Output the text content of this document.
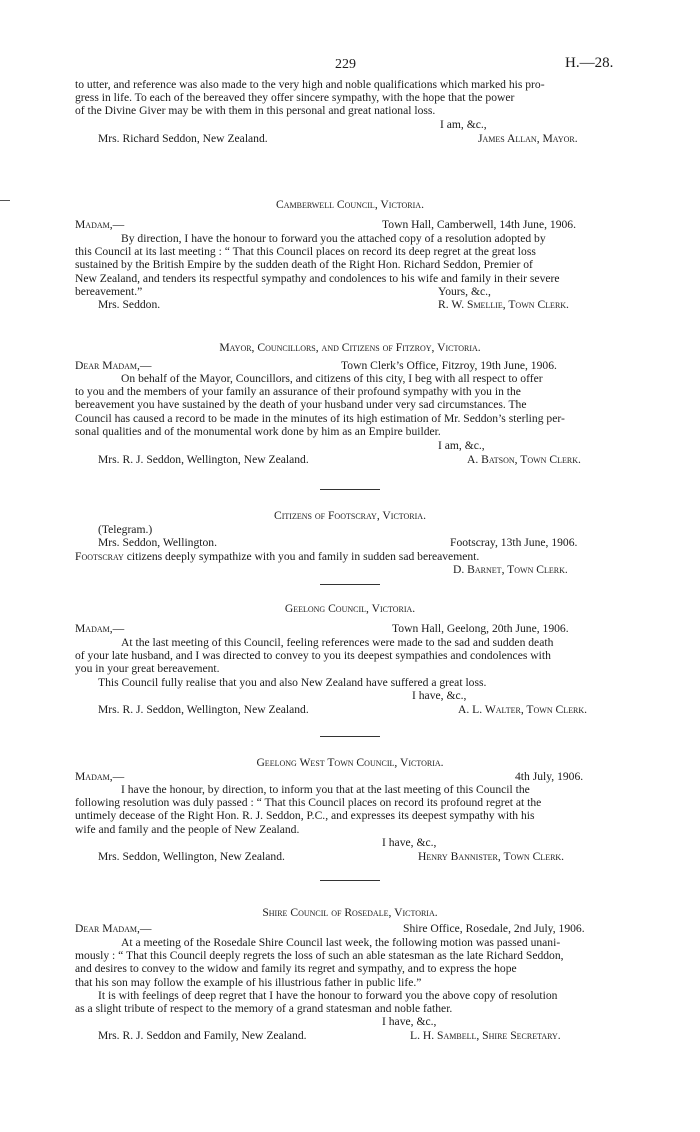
229	H.—28.
to utter, and reference was also made to the very high and noble qualifications which marked his pro-
gress in life. To each of the bereaved they offer sincere sympathy, with the hope that the power
of the Divine Giver may be with them in this personal and great national loss.
I am, &c.,
Mrs. Richard Seddon, New Zealand.	James Allan, Mayor.
Camberwell Council, Victoria.
Madam,—	Town Hall, Camberwell, 14th June, 1906.
By direction, I have the honour to forward you the attached copy of a resolution adopted by
this Council at its last meeting : “ That this Council places on record its deep regret at the great loss
sustained by the British Empire by the sudden death of the Right Hon. Richard Seddon, Premier of
New Zealand, and tenders its respectful sympathy and condolences to his wife and family in their severe
bereavement.”	Yours, &c.,
Mrs. Seddon.	R. W. Smellie, Town Clerk.
Mayor, Councillors, and Citizens of Fitzroy, Victoria.
Dear Madam,—	Town Clerk’s Office, Fitzroy, 19th June, 1906.
On behalf of the Mayor, Councillors, and citizens of this city, I beg with all respect to offer
to you and the members of your family an assurance of their profound sympathy with you in the
bereavement you have sustained by the death of your husband under very sad circumstances. The
Council has caused a record to be made in the minutes of its high estimation of Mr. Seddon’s sterling per-
sonal qualities and of the monumental work done by him as an Empire builder.
I am, &c.,
Mrs. R. J. Seddon, Wellington, New Zealand.	A. Batson, Town Clerk.
Citizens of Footscray, Victoria.
(Telegram.)
Mrs. Seddon, Wellington.	Footscray, 13th June, 1906.
Footscray citizens deeply sympathize with you and family in sudden sad bereavement.
D. Barnet, Town Clerk.
Geelong Council, Victoria.
Madam,—	Town Hall, Geelong, 20th June, 1906.
At the last meeting of this Council, feeling references were made to the sad and sudden death
of your late husband, and I was directed to convey to you its deepest sympathies and condolences with
you in your great bereavement.
This Council fully realise that you and also New Zealand have suffered a great loss.
I have, &c.,
Mrs. R. J. Seddon, Wellington, New Zealand.	A. L. Walter, Town Clerk.
Geelong West Town Council, Victoria.
Madam,—	4th July, 1906.
I have the honour, by direction, to inform you that at the last meeting of this Council the
following resolution was duly passed : “ That this Council places on record its profound regret at the
untimely decease of the Right Hon. R. J. Seddon, P.C., and expresses its deepest sympathy with his
wife and family and the people of New Zealand.
I have, &c.,
Mrs. Seddon, Wellington, New Zealand.	Henry Bannister, Town Clerk.
Shire Council of Rosedale, Victoria.
Dear Madam,—	Shire Office, Rosedale, 2nd July, 1906.
At a meeting of the Rosedale Shire Council last week, the following motion was passed unani-
mously : “ That this Council deeply regrets the loss of such an able statesman as the late Richard Seddon,
and desires to convey to the widow and family its regret and sympathy, and to express the hope
that his son may follow the example of his illustrious father in public life.”
It is with feelings of deep regret that I have the honour to forward you the above copy of resolution
as a slight tribute of respect to the memory of a grand statesman and noble father.
I have, &c.,
Mrs. R. J. Seddon and Family, New Zealand.	L. H. Sambell, Shire Secretary.
